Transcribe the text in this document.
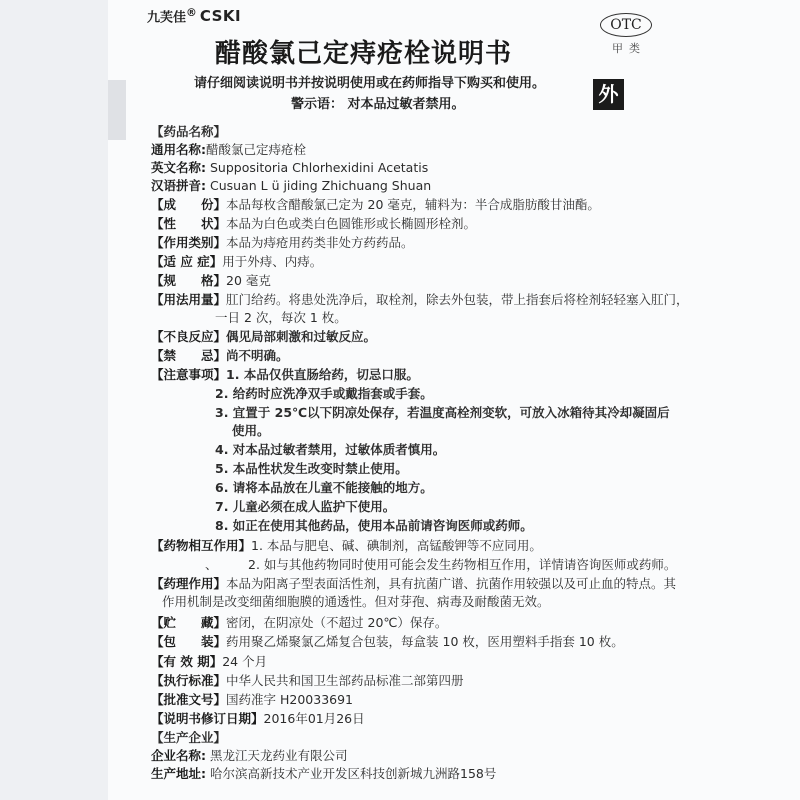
九芙佳® CSKI	OTC
甲类
醋酸氯己定痔疮栓说明书
请仔细阅读说明书并按说明使用或在药师指导下购买和使用。
警示语： 对本品过敏者禁用。	外
【药品名称】
通用名称:醋酸氯己定痔疮栓
英文名称: Suppositoria Chlorhexidini Acetatis
汉语拼音: Cusuan L ü jiding Zhichuang Shuan
【成　　份】本品每枚含醋酸氯己定为 20 毫克，辅料为：半合成脂肪酸甘油酯。
【性　　状】本品为白色或类白色圆锥形或长椭圆形栓剂。
【作用类别】本品为痔疮用药类非处方药药品。
【适 应 症】用于外痔、内痔。
【规　　格】20 毫克
【用法用量】肛门给药。将患处洗净后，取栓剂，除去外包装，带上指套后将栓剂轻轻塞入肛门，
一日 2 次，每次 1 枚。
【不良反应】偶见局部刺激和过敏反应。
【禁　　忌】尚不明确。
【注意事项】1. 本品仅供直肠给药，切忌口服。
2. 给药时应洗净双手或戴指套或手套。
3. 宜置于 25℃以下阴凉处保存，若温度高栓剂变软，可放入冰箱待其冷却凝固后
使用。
4. 对本品过敏者禁用，过敏体质者慎用。
5. 本品性状发生改变时禁止使用。
6. 请将本品放在儿童不能接触的地方。
7. 儿童必须在成人监护下使用。
8. 如正在使用其他药品，使用本品前请咨询医师或药师。
【药物相互作用】1. 本品与肥皂、碱、碘制剂，高锰酸钾等不应同用。
、 2. 如与其他药物同时使用可能会发生药物相互作用，详情请咨询医师或药师。
【药理作用】本品为阳离子型表面活性剂，具有抗菌广谱、抗菌作用较强以及可止血的特点。其
作用机制是改变细菌细胞膜的通透性。但对芽孢、病毒及耐酸菌无效。
【贮　　藏】密闭，在阴凉处（不超过 20℃）保存。
【包　　装】药用聚乙烯聚氯乙烯复合包装，每盒装 10 枚，医用塑料手指套 10 枚。
【有 效 期】24 个月
【执行标准】中华人民共和国卫生部药品标准二部第四册
【批准文号】国药准字 H20033691
【说明书修订日期】2016年01月26日
【生产企业】
企业名称: 黑龙江天龙药业有限公司
生产地址: 哈尔滨高新技术产业开发区科技创新城九洲路158号
